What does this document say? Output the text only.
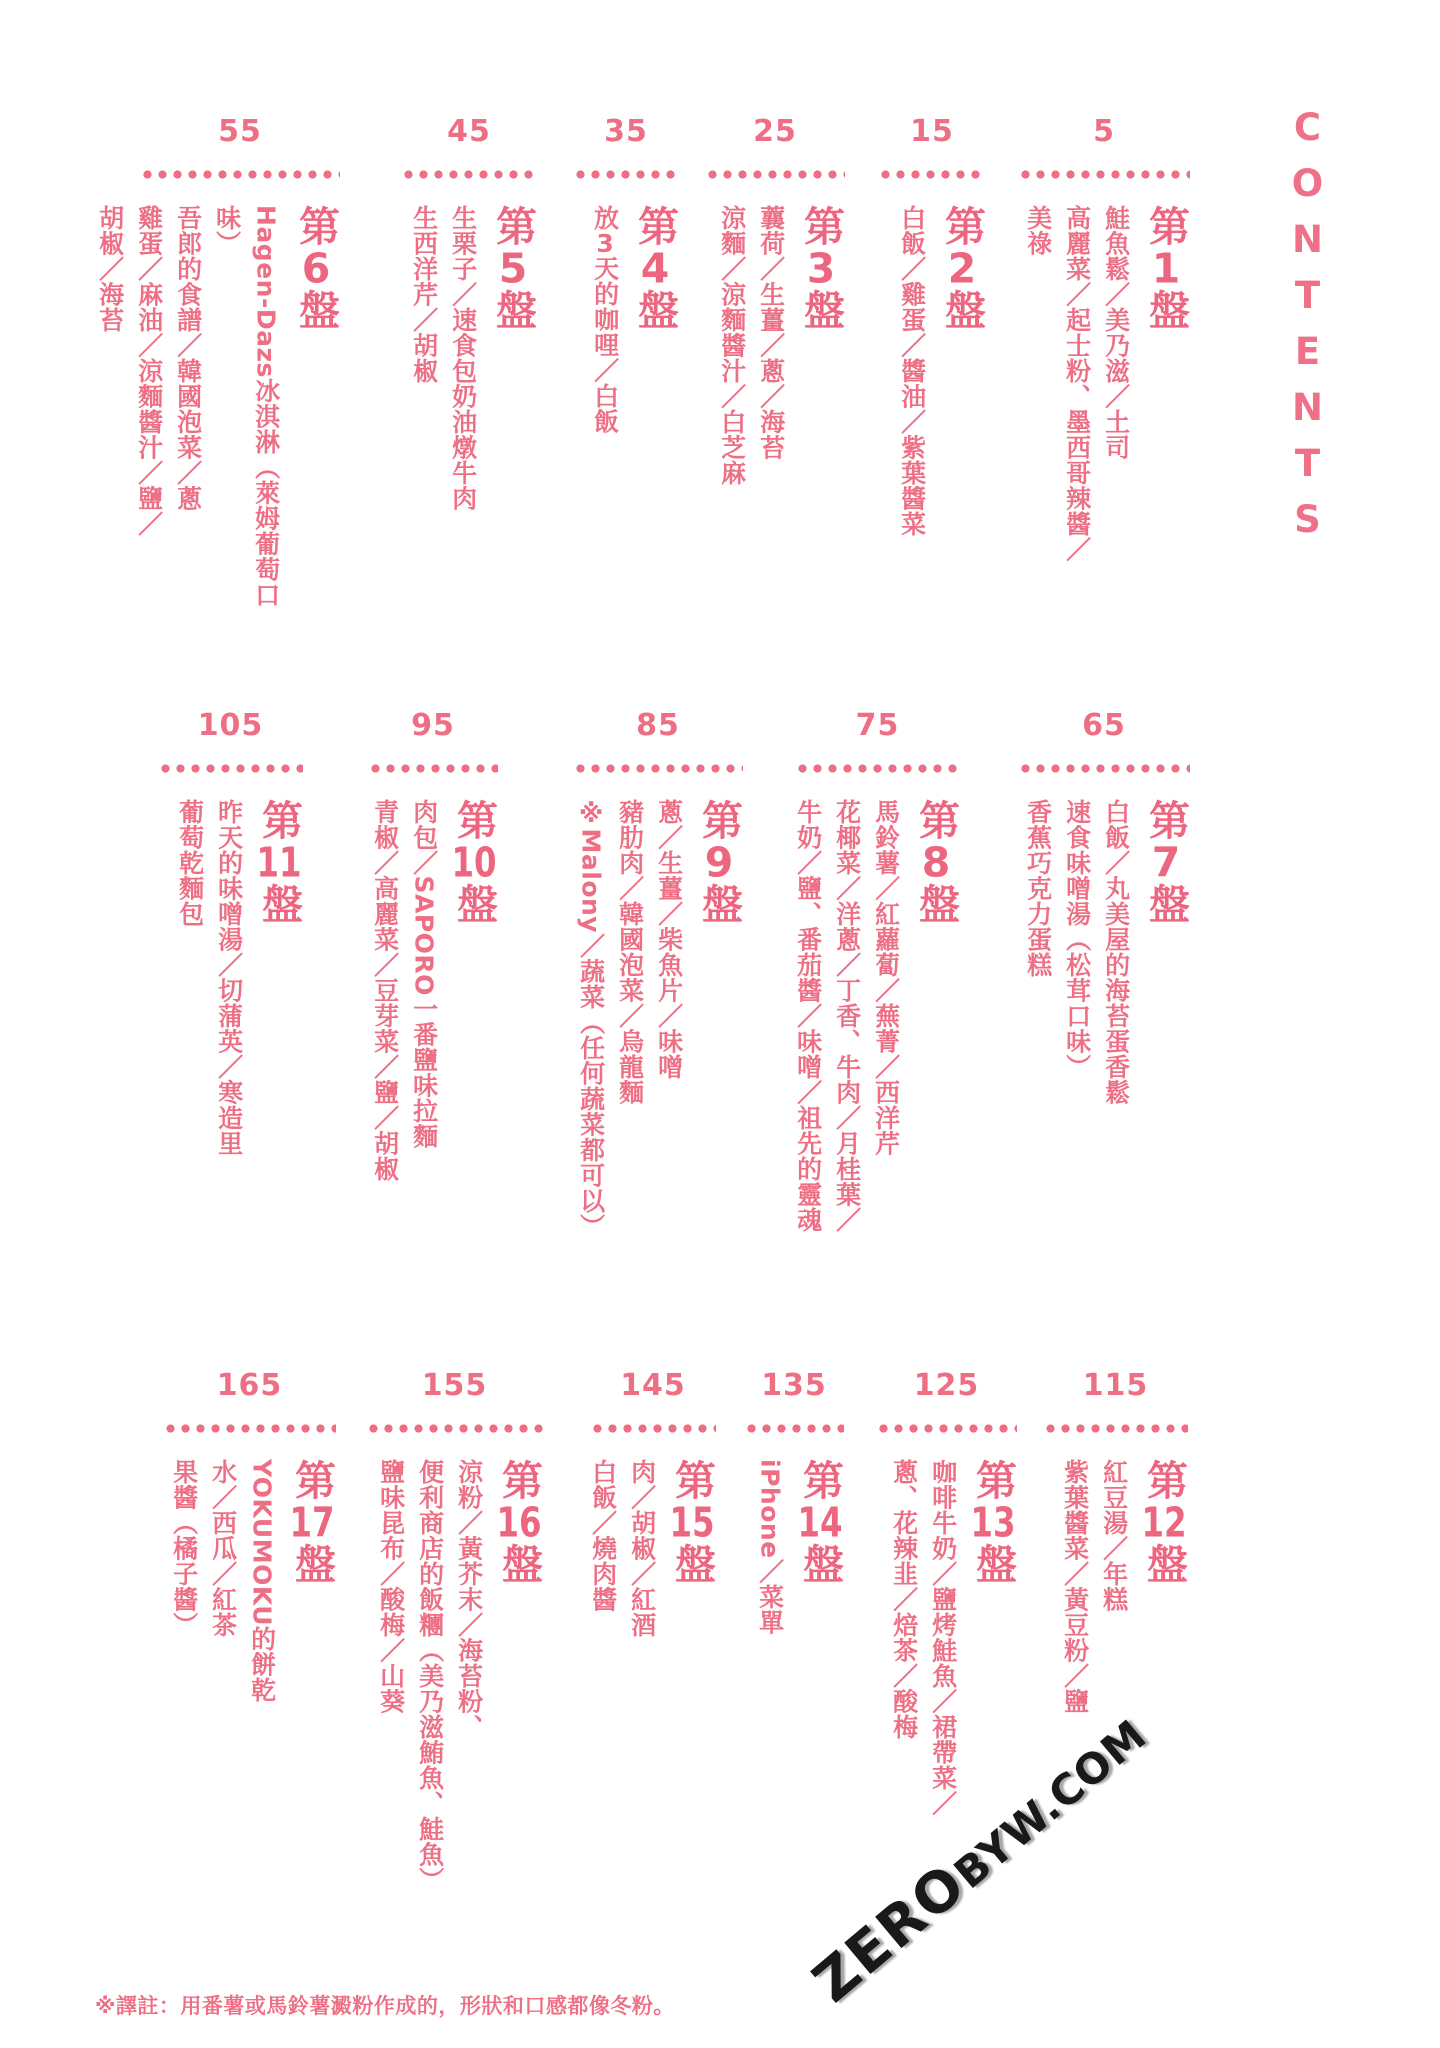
5
第1盤
鮭魚鬆／美乃滋／土司
高麗菜／起士粉、墨西哥辣醬／
美祿
15
第2盤
白飯／雞蛋／醬油／紫葉醬菜
25
第3盤
蘘荷／生薑／蔥／海苔
涼麵／涼麵醬汁／白芝麻
35
第4盤
放3天的咖哩／白飯
45
第5盤
生栗子／速食包奶油燉牛肉
生西洋芹／胡椒
55
第6盤
Hagen-Dazs冰淇淋（萊姆葡萄口味）
吾郎的食譜／韓國泡菜／蔥
雞蛋／麻油／涼麵醬汁／鹽／
胡椒／海苔
65
第7盤
白飯／丸美屋的海苔蛋香鬆
速食味噌湯（松茸口味）
香蕉巧克力蛋糕
75
第8盤
馬鈴薯／紅蘿蔔／蕪菁／西洋芹
花椰菜／洋蔥／丁香、牛肉／月桂葉／
牛奶／鹽、番茄醬／味噌／祖先的靈魂
85
第9盤
蔥／生薑／柴魚片／味噌
豬肋肉／韓國泡菜／烏龍麵
※Malony／蔬菜（任何蔬菜都可以）
95
第10盤
肉包／SAPORO一番鹽味拉麵
青椒／高麗菜／豆芽菜／鹽／胡椒
105
第11盤
昨天的味噌湯／切蒲英／寒造里
葡萄乾麵包
115
第12盤
紅豆湯／年糕
紫葉醬菜／黃豆粉／鹽
125
第13盤
咖啡牛奶／鹽烤鮭魚／裙帶菜／
蔥、花辣韭／焙茶／酸梅
135
第14盤
iPhone／菜單
145
第15盤
肉／胡椒／紅酒
白飯／燒肉醬
155
第16盤
涼粉／黃芥末／海苔粉、
便利商店的飯糰（美乃滋鮪魚、鮭魚）
鹽味昆布／酸梅／山葵
165
第17盤
YOKUMOKU的餅乾
水／西瓜／紅茶
果醬（橘子醬）
CONTENTS
※譯註：用番薯或馬鈴薯澱粉作成的，形狀和口感都像冬粉。 ZEROBYW.COM
